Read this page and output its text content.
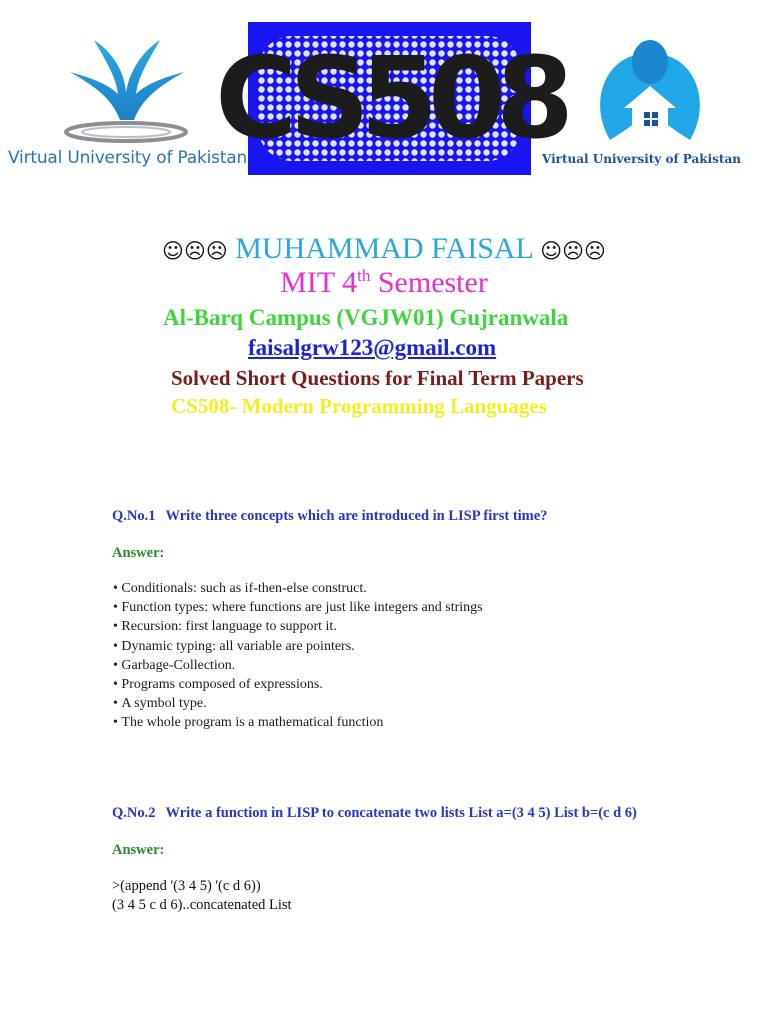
Virtual University of Pakistan
CS508
Virtual University of Pakistan
☺☹☹ MUHAMMAD FAISAL ☺☹☹
MIT 4th Semester
Al-Barq Campus (VGJW01) Gujranwala
faisalgrw123@gmail.com
Solved Short Questions for Final Term Papers
CS508- Modern Programming Languages
Q.No.1 Write three concepts which are introduced in LISP first time?
Answer:
• Conditionals: such as if-then-else construct.
• Function types: where functions are just like integers and strings
• Recursion: first language to support it.
• Dynamic typing: all variable are pointers.
• Garbage-Collection.
• Programs composed of expressions.
• A symbol type.
• The whole program is a mathematical function
Q.No.2 Write a function in LISP to concatenate two lists List a=(3 4 5) List b=(c d 6)
Answer:
>(append '(3 4 5) '(c d 6))
(3 4 5 c d 6)..concatenated List
